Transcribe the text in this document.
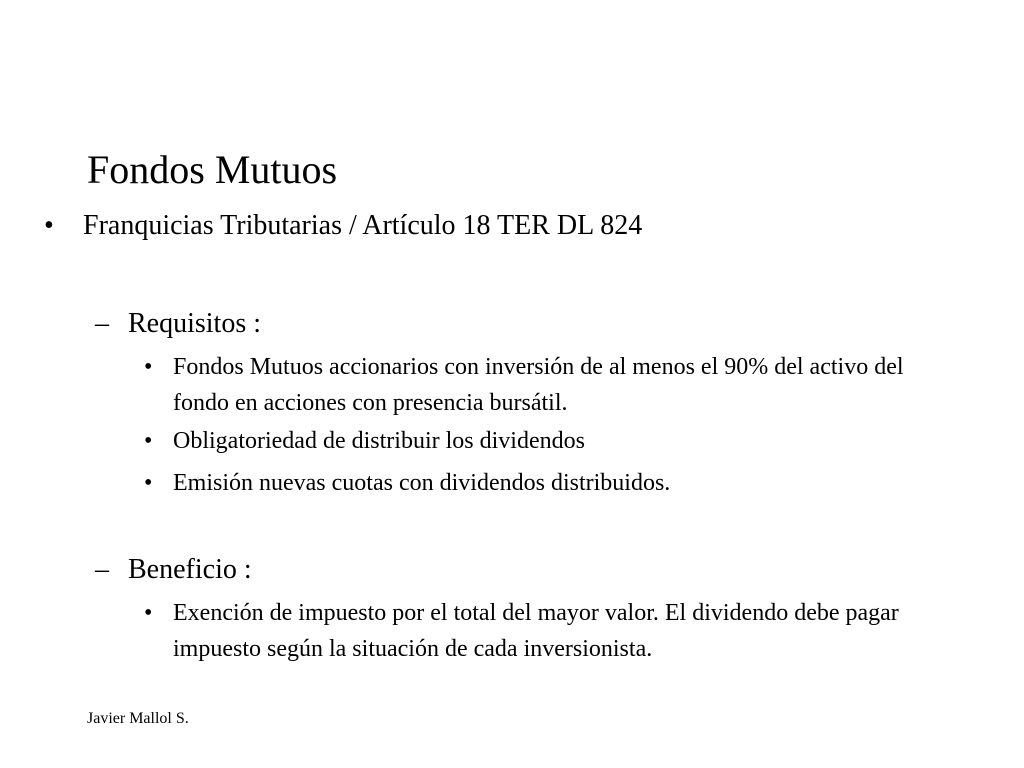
Fondos Mutuos
•	Franquicias Tributarias / Artículo 18 TER DL 824
– Requisitos :
• Fondos Mutuos accionarios con inversión de al menos el 90% del activo del fondo en acciones con presencia bursátil.
• Obligatoriedad de distribuir los dividendos
• Emisión nuevas cuotas con dividendos distribuidos.
– Beneficio :
• Exención de impuesto por el total del mayor valor. El dividendo debe pagar impuesto según la situación de cada inversionista.
Javier Mallol S.
